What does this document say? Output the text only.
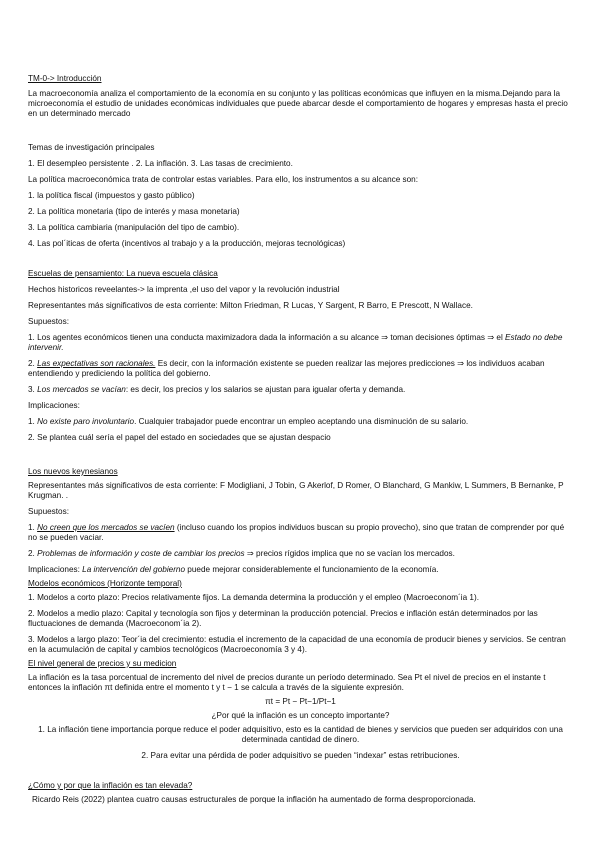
TM-0-> Introducción

La macroeconomía analiza el comportamiento de la economía en su conjunto y las políticas económicas que influyen en la misma.Dejando para la microeconomía el estudio de unidades económicas individuales que puede abarcar desde el comportamiento de hogares y empresas hasta el precio en un determinado mercado

Temas de investigación principales

1. El desempleo persistente . 2. La inflación. 3. Las tasas de crecimiento.

La política macroeconómica trata de controlar estas variables. Para ello, los instrumentos a su alcance son:

1. la política fiscal (impuestos y gasto público)

2. La política monetaria (tipo de interés y masa monetaria)

3. La política cambiaria (manipulación del tipo de cambio).

4. Las pol´iticas de oferta (incentivos al trabajo y a la producción, mejoras tecnológicas)

Escuelas de pensamiento: La nueva escuela clásica

Hechos historicos reveelantes-> la imprenta ,el uso del vapor y la revolución industrial

Representantes más significativos de esta corriente: Milton Friedman, R Lucas, Y Sargent, R Barro, E Prescott, N Wallace.

Supuestos:

1. Los agentes económicos tienen una conducta maximizadora dada la información a su alcance ⇒ toman decisiones óptimas ⇒ el Estado no debe intervenir.

2. Las expectativas son racionales. Es decir, con la información existente se pueden realizar las mejores predicciones ⇒ los individuos acaban entendiendo y prediciendo la política del gobierno.

3. Los mercados se vacían: es decir, los precios y los salarios se ajustan para igualar oferta y demanda.

Implicaciones:

1. No existe paro involuntario. Cualquier trabajador puede encontrar un empleo aceptando una disminución de su salario.

2. Se plantea cuál sería el papel del estado en sociedades que se ajustan despacio

Los nuevos keynesianos

Representantes más significativos de esta corriente: F Modigliani, J Tobin, G Akerlof, D Romer, O Blanchard, G Mankiw, L Summers, B Bernanke, P Krugman. .

Supuestos:

1. No creen que los mercados se vacíen (incluso cuando los propios individuos buscan su propio provecho), sino que tratan de comprender por qué no se pueden vaciar.

2. Problemas de información y coste de cambiar los precios ⇒ precios rígidos implica que no se vacían los mercados.

Implicaciones: La intervención del gobierno puede mejorar considerablemente el funcionamiento de la economía.

Modelos económicos (Horizonte temporal)

1. Modelos a corto plazo: Precios relativamente fijos. La demanda determina la producción y el empleo (Macroeconom´ia 1).

2. Modelos a medio plazo: Capital y tecnología son fijos y determinan la producción potencial. Precios e inflación están determinados por las fluctuaciones de demanda (Macroeconom´ia 2).

3. Modelos a largo plazo: Teor´ia del crecimiento: estudia el incremento de la capacidad de una economía de producir bienes y servicios. Se centran en la acumulación de capital y cambios tecnológicos (Macroeconomía 3 y 4).

El nivel general de precios y su medicion

La inflación es la tasa porcentual de incremento del nivel de precios durante un período determinado. Sea Pt el nivel de precios en el instante t entonces la inflación πt definida entre el momento t y t − 1 se calcula a través de la siguiente expresión.

πt = Pt − Pt−1/Pt−1

¿Por qué la inflación es un concepto importante?

1. La inflación tiene importancia porque reduce el poder adquisitivo, esto es la cantidad de bienes y servicios que pueden ser adquiridos con una determinada cantidad de dinero.

2. Para evitar una pérdida de poder adquisitivo se pueden “indexar” estas retribuciones.

¿Cómo y por que la inflación es tan elevada?

Ricardo Reis (2022) plantea cuatro causas estructurales de porque la inflación ha aumentado de forma desproporcionada.
